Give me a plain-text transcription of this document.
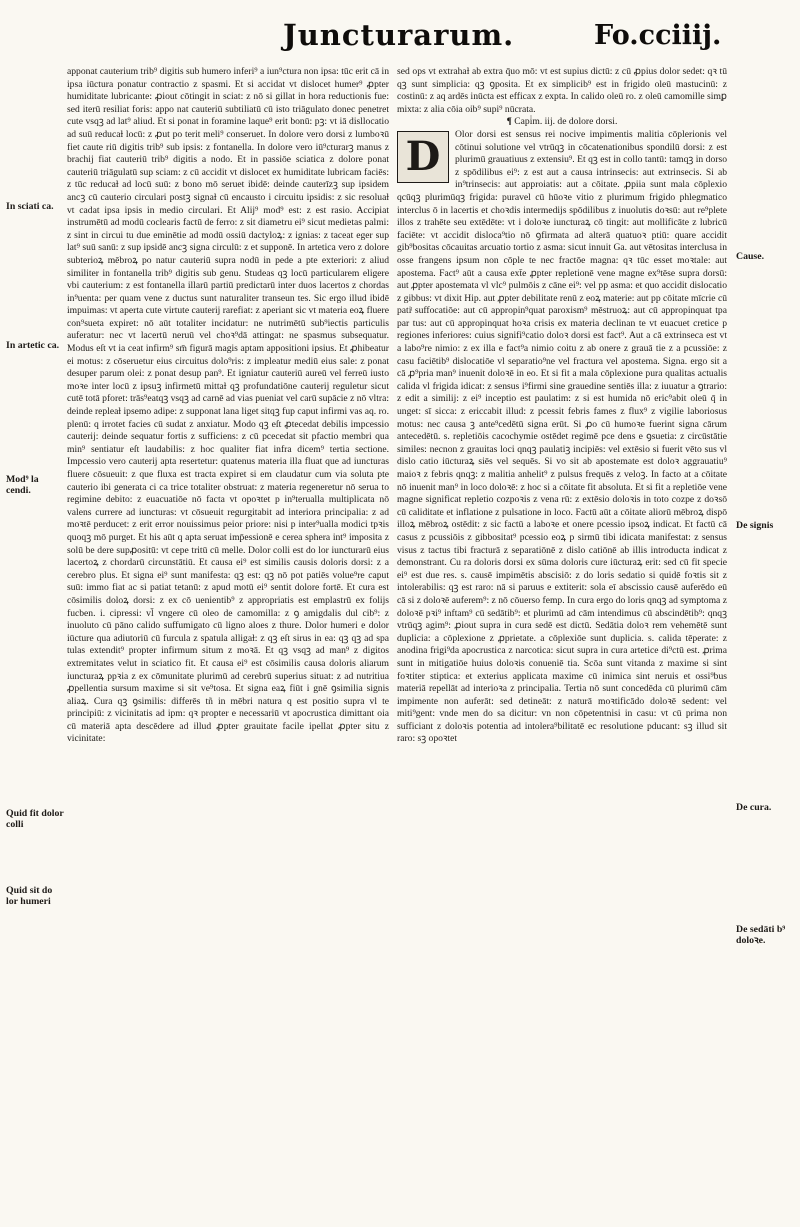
Juncturarum.	Fo.cciiij.
In sciati ca.
In artetic ca.
Mod⁹ la cendi.
Quid fit dolor colli
Quid sit do lor humeri

apponat cauterium trib⁹ digitis sub humero inferi⁹ a iun⁹ctura non ipsa: tūc erit cā in ipsa iūctura ponatur contractio z spasmi. Et si accidat vt dislocet humer⁹ ꝓpter humiditate lubricante: ꝓiout cōtingit in sciat: z nō si gillat in hora reductionis fue: sed iterū resiliat foris: appo nat cauteriū subtiliatū cū isto triāgulato donec penetret cute vsqꝫ ad lat⁹ aliud. Et si ponat in foramine laque⁹ erit bonū: pꝫ: vt iā disllocatio ad suū reducaƚ locū: z ꝓut po terit meli⁹ conseruet. In dolore vero dorsi z lumboꝛū fiet caute riū digitis trib⁹ sub ipsis: z fontanella. In dolore vero iū⁹cturarꝫ manus z brachij fiat cauteriū trib⁹ digitis a nodo. Et in passiōe sciatica z dolore ponat cauteriū triāgulatū sup sciam: z cū accidit vt dislocet ex humiditate lubricam faciēs: z tūc reducaƚ ad locū suū: z bono mō seruet ibidē: deinde cauterīzꝫ sup ipsidem ancꝫ cū cauterio circulari postꝫ signaƚ cū encausto i circuitu ipsidis: z sic resoluaƚ vt cadat ipsa ipsis in medio circulari. Et Alij⁹ mod⁹ est: z est rasio. Accipiat instrumētū ad modū coclearis factū de ferro: z sit diametru ei⁹ sicut medietas palmi: z sint in circui tu due eminētie ad modū ossiū dactyloꝝ: z ignias: z taceat eger sup lat⁹ suū sanū: z sup ipsidē ancꝫ signa circulū: z et supponē. In artetica vero z dolore subterioꝝ mēbroꝝ po natur cauteriū supra nodū in pede a pte exteriori: z aliud similiter in fontanella trib⁹ digitis sub genu. Studeas qꝫ locū particularem eligere vbi cauterium: z est fontanella illarū partiū predictarū inter duos lacertos z chordas in⁹uenta: per quam vene z ductus sunt naturaliter transeun tes. Sic ergo illud ibidē impuimas: vt aperta cute virtute cauterij rarefiat: z aperiant sic vt materia eoꝝ fluere con⁹sueta expiret: nō aūt totaliter incidatur: ne nutrimētū sub⁹iectis particulis auferatur: nec vt lacertū neruū vel choꝛ⁹dā attingat: ne spasmus subsequatur. Modus eſt vt ia ceat infirm⁹ sm̄ figurā magis aptam appositioni ipsius. Et ꝓhibeatur ei motus: z cōseruetur eius circuitus dolo⁹ris: z impleatur mediū eius sale: z ponat desuper parum olei: z ponat desup pan⁹. Et igniatur cauteriū aureū vel ferreū iusto moꝛe inter locū z ipsuꝫ infirmetū mittaƚ qꝫ profundatiōne cauterij reguletur sicut cutē totā pforet: trās⁹eatqꝫ vsqꝫ ad carnē ad vias pueniat vel carū supācie z nō vltra: deinde repleaƚ ipsemo adipe: z supponat lana liget sitqꝫ fup caput infirmi vas aq. ro. plenū: q irrotet facies cū sudat z anxiatur. Modo qꝫ eſt ꝓtecedat debilis impcessio cauterij: deinde sequatur fortis z sufficiens: z cū pcecedat sit pfactio membri qua min⁹ sentiatur eſt laudabilis: z hoc qualiter fiat infra dicem⁹ tertia sectione. Impcessio vero cauterij apta resertetur: quatenus materia illa fluat que ad iuncturas fluere cōsueuit: z que fluxa est tracta expiret si em claudatur cum via soluta pte cauterio ibi generata ci ca trice totaliter obstruat: z materia regeneretur nō serua to regimine debito: z euacuatiōe nō facta vt opoꝛtet p in⁹terualla multiplicata nō valens currere ad iuncturas: vt cōsueuit regurgitabit ad interiora principalia: z ad moꝛtē perducet: z erit error nouissimus peior priore: nisi p inter⁹ualla modici tpꝛis quoqꝫ mō purget. Et his aūt q apta seruat imp̄essionē e cerea sphera int⁹ imposita z solū be dere supꝓositū: vt cepe tritū cū melle. Dolor colli est do lor iuncturarū eius lacertoꝝ z chordarū circunstātiū. Et causa ei⁹ est similis causis doloris dorsi: z a cerebro plus. Et signa ei⁹ sunt manifesta: qꝫ est: qꝫ nō pot patiēs volue⁹re caput suū: immo fiat ac si patiat tetanū: z apud motū ei⁹ sentit dolore fortē. Et cura est cōsimilis doloꝝ dorsi: z ex cō uenientib⁹ z appropriatis est emplastrū ex folijs fucben. i. cipressi: vl̄ vngere cū oleo de camomilla: z ꝯ amigdalis dul cib⁹: z inuoluto cū pāno calido suffumigato cū ligno aloes z thure. Dolor humeri e dolor iūcture qua adiutoriū cū furcula z spatula alligaƚ: z qꝫ eſt sirus in ea: qꝫ qꝫ ad spa tulas extendit⁹ propter infirmum situm z moꝛā. Et qꝫ vsqꝫ ad man⁹ z digitos extremitates velut in sciatico fit. Et causa ei⁹ est cōsimilis causa doloris aliarum iuncturaꝝ ppꝛia z ex cōmunitate plurimū ad cerebrū superius situat: z ad nutritiua ꝓpellentia sursum maxime si sit ve⁹tosa. Et signa eaꝝ fiūt i gnē ꝯsimilia signis aliaꝝ. Cura qꝫ ꝯsimilis: differēs tñ in mēbri natura q est positio supra vl te principiū: z vicinitatis ad ipm: qꝛ propter e necessariū vt apocrustica dimittant oia cū materiā apta descēdere ad illud ꝓpter grauitate facile ipellat ꝓpter situ z vicinitate:

sed ops vt extrahaƚ ab extra q̄uo mō: vt est supius dictū: z cū ꝓpius dolor sedet: qꝛ tū qꝫ sunt simplicia: qꝫ ꝯposita. Et ex simplicib⁹ est in frigido oleū mastucinū: z costinū: z aq ardēs inūcta est efficax z expta. In calido oleū ro. z oleū camomille simꝑ mixta: z alia cōia oib⁹ supi⁹ nūcrata.

¶ Capi̇m. iij. de dolore dorsi.

D	Olor dorsi est sensus rei nocive impimentis malitia cōplerionis vel cōtinui solutione vel vtrūqꝫ in cōcatenationibus spondilū dorsi: z est plurimū grauatiuus z extensiu⁹. Et qꝫ est in collo tantū: tamqꝫ in dorso z spōdilibus ei⁹: z est aut a causa intrinsecis: aut extrinsecis. Si ab in⁹trinsecis: aut approiatis: aut a cōitate. ꝓpiia sunt mala cōplexio qcūqꝫ plurimūqꝫ frigida: puravel cū hūoꝛe vitio z plurimum frigido phlegmatico interclus ō in lacertis et choꝛdis intermedijs spōdilibus z inuolutis doꝛsū: aut re⁹plete illos z trahēte seu extēdēte: vt i doloꝛe iuncturaꝝ cō tingit: aut mollificāte z lubricū faciēte: vt accidit disloca⁹tio nō ꝯfirmata ad alterā quatuoꝛ ptiū: quare accidit gib⁹bositas cōcauitas arcuatio tortio z asma: sicut innuit Ga. aut vētositas interclusa in osse frangens ipsum non cōple te nec fractōe magna: qꝛ tūc esset moꝛtale: aut apostema. Fact⁹ aūt a causa ext̄e ꝓpter repletionē vene magne ex⁹tēse supra dorsū: aut ꝓpter apostemata vl vlc⁹ pulmōis z cāne ei⁹: vel pp asma: et quo accidit dislocatio z gibbus: vt dixit Hip. aut ꝓpter debilitate renū z eoꝝ materie: aut pp cōitate mīcrie cū patiͭ suffocatiōe: aut cū appropin⁹quat paroxism⁹ mēstruoꝝ: aut cū appropinquat tpa par tus: aut cū appropinquat hoꝛa crisis ex materia declinan te vt euacuet cretice p regiones inferiores: cuius signifi⁹catio doloꝛ dorsi est fact⁹. Aut a cā extrinseca est vt a labo⁹re nimio: z ex illa e fact⁹a nimio coitu z ab onere z grauā tie z a pcussiōe: z casu faciētib⁹ dislocatiōe vl separatio⁹ne vel fractura vel apostema. Signa. ergo sit a cā ꝓ⁹pria man⁹ inuenit doloꝛē in eo. Et si fit a mala cōplexione pura qualitas actualis calida vl frigida idicat: z sensus i⁹firmi sine grauedine sentiēs illa: z iuuatur a ꝯtrario: z edit a similij: z ei⁹ inceptio est paulatim: z si est humida nō eric⁹abit oleū q̄ in unget: sī sicca: z ericcabit illud: z pcessit febris fames z flux⁹ z vigilie laboriosus motus: nec causa ꝫ ante⁹cedētū signa erūt. Si ꝓo cū humoꝛe fuerint signa cārum antecedētū. s. repletiōis cacochymie ostēdet regimē pce dens e ꝯsuetia: z circūstātie similes: necnon z grauitas loci qnqꝫ paulatiꝫ incipiēs: vel extēsio si fuerit vēto sus vl dislo catio iūcturaꝝ siēs vel sequēs. Si vo sit ab apostemate est doloꝛ aggrauatiu⁹ maioꝛ z febris qnqꝫ: z malitia anhelit⁹ z pulsus frequēs z veloꝫ. In facto at a cōitate nō inuenit man⁹ in loco doloꝛē: z hoc si a cōitate fit absoluta. Et si fit a repletiōe vene magne significat repletio cozpoꝛis z vena rū: z extēsio doloꝛis in toto cozpe z doꝛsō cū caliditate et inflatione z pulsatione in loco. Factū aūt a cōitate aliorū mēbroꝝ dispō illoꝝ mēbroꝝ ostēdit: z sic factū a laboꝛe et onere pcessio ipsoꝝ indicat. Et factū cā casus z pcussiōis z gibbositat⁹ pcessio eoꝝ p sirmū tibi idicata manifestat: z sensus visus z tactus tibi fracturā z separatiōnē z dislo catiōnē ab illis introducta indicat z demonstrant. Cu ra doloris dorsi ex sūma doloris cure iūcturaꝝ erit: sed cū fit specie ei⁹ est due res. s. causē impimētis abscisiō: z do loris sedatio si quidē foꝛtis sit z intolerabilis: qꝫ est raro: nā si paruus e extiterit: sola eī abscissio causē auferēdo eū cā si z doloꝛē auferem⁹: z nō cōuerso femp. In cura ergo do loris qnqꝫ ad symptoma z doloꝛē pꝛi⁹ inftam⁹ cū sedātib⁹: et plurimū ad cām intendimus cū abscindētib⁹: qnqꝫ vtrūqꝫ agim⁹: ꝓiout supra in cura sedē est dictū. Sedātia doloꝛ rem vehemētē sunt duplicia: a cōplexione z ꝓprietate. a cōplexiōe sunt duplicia. s. calida tēperate: z anodina frigi⁹da apocrustica z narcotica: sicut supra in cura artetice di⁹ctū est. ꝓrima sunt in mitigatiōe huius doloꝛis conueniē tia. Scōa sunt vitanda z maxime si sint foꝛtiter stiptica: et exterius applicata maxime cū inimica sint neruis et ossi⁹bus materiā repellāt ad interioꝛa z principalia. Tertia nō sunt concedēda cū plurimū cām impimente non auferāt: sed detineāt: z naturā moꝛtificādo doloꝛē sedent: vel miti⁹gent: vnde men do sa dicitur: vn non cōpetentnisi in casu: vt cū prima non sufficiant z doloꝛis potentia ad intolera⁹bilitatē ec resolutione pducant: sꝫ illud sit raro: sꝫ opoꝛtet

Cause.
De signis
De cura.
De sedāti b⁹ doloꝛe.
